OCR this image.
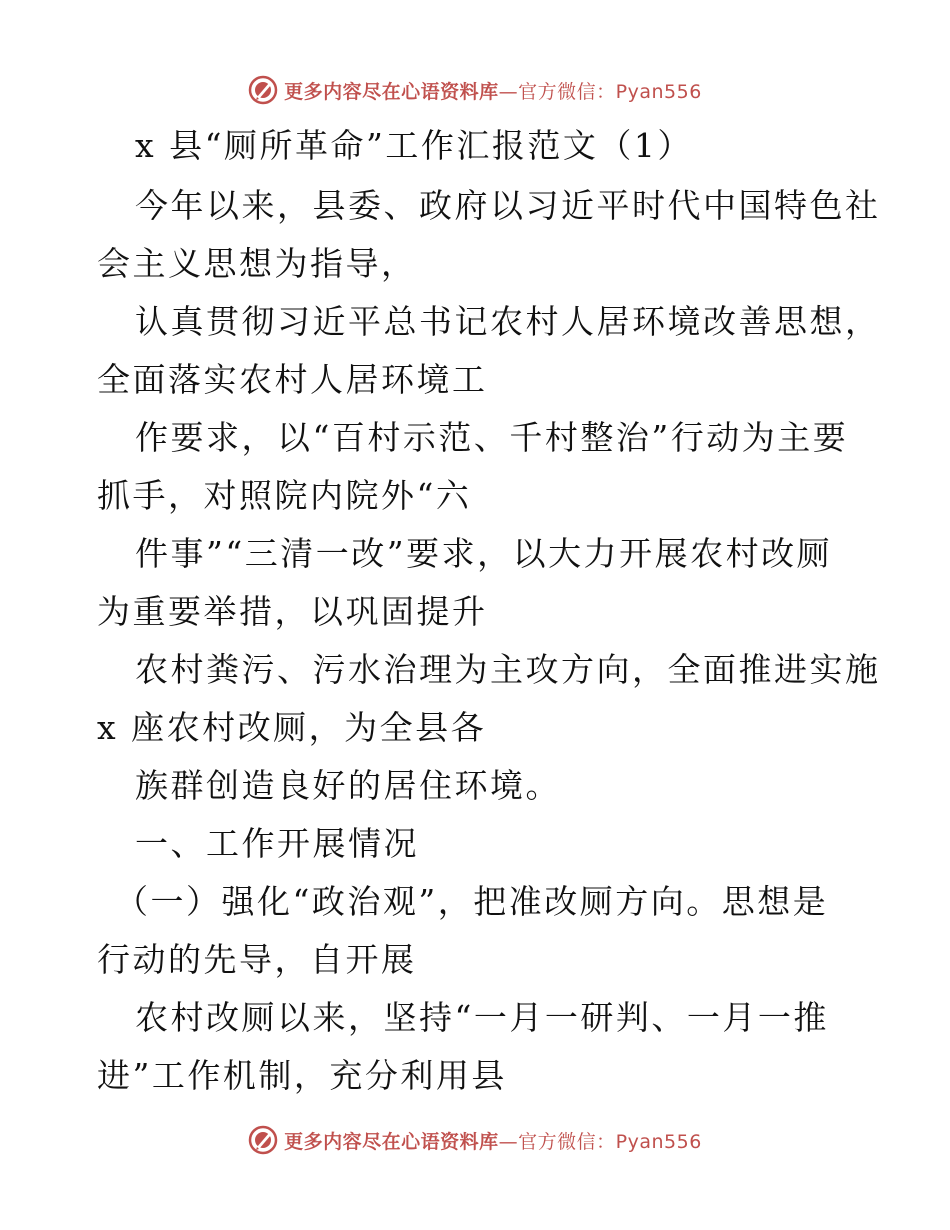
更多内容尽在心语资料库 —官方微信：Pyan556
x 县“厕所革命”工作汇报范文（1）
今年以来，县委、政府以习近平时代中国特色社
会主义思想为指导，
认真贯彻习近平总书记农村人居环境改善思想，
全面落实农村人居环境工
作要求，以“百村示范、千村整治”行动为主要
抓手，对照院内院外“六
件事”“三清一改”要求，以大力开展农村改厕
为重要举措，以巩固提升
农村粪污、污水治理为主攻方向，全面推进实施
x 座农村改厕，为全县各
族群创造良好的居住环境。
一、工作开展情况
（一）强化“政治观”，把准改厕方向。思想是
行动的先导，自开展
农村改厕以来，坚持“一月一研判、一月一推
进”工作机制，充分利用县
更多内容尽在心语资料库 —官方微信：Pyan556
